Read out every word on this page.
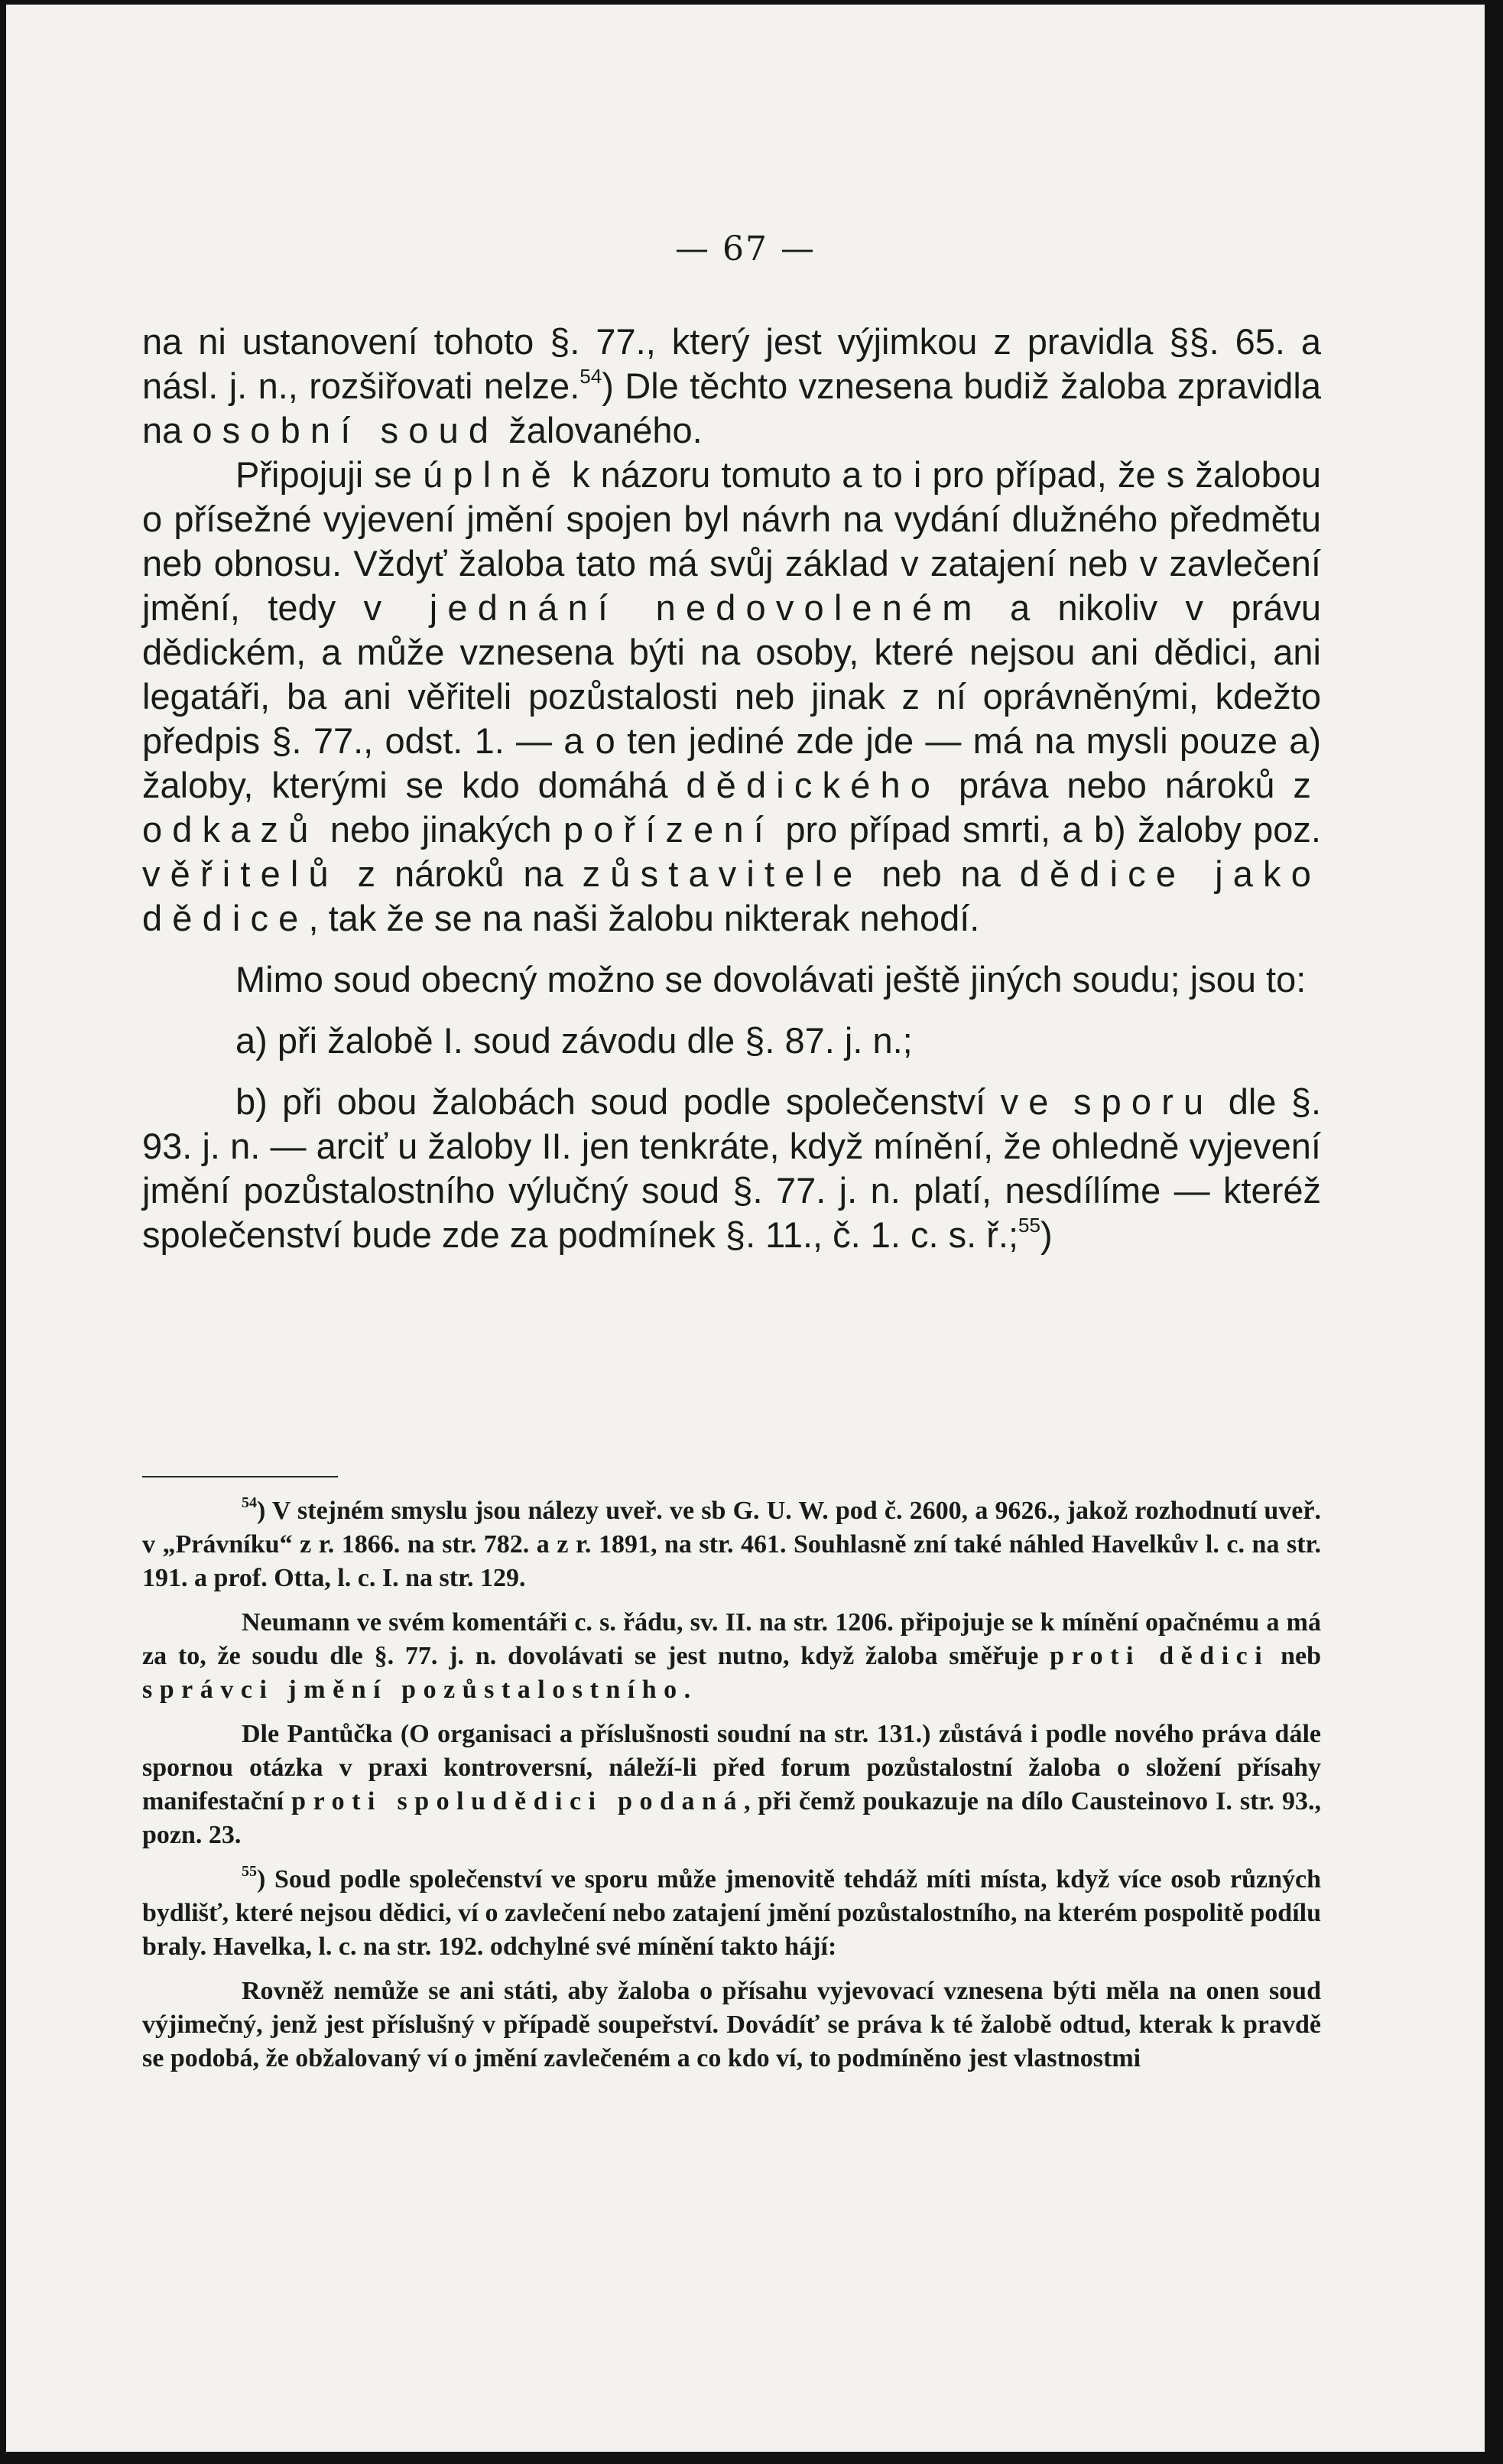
— 67 —

na ni ustanovení tohoto §. 77., který jest výjimkou z pravidla §§. 65. a násl. j. n., rozšiřovati nelze.$^{54}$) Dle těchto vznesena budiž žaloba zpravidla na osobní soud žalovaného.

Připojuji se úplně k názoru tomuto a to i pro případ, že s žalobou o přísežné vyjevení jmění spojen byl návrh na vydání dlužného předmětu neb obnosu. Vždyť žaloba tato má svůj základ v zatajení neb v zavlečení jmění, tedy v jednání nedovoleném a nikoliv v právu dědickém, a může vznesena býti na osoby, které nejsou ani dědici, ani legatáři, ba ani věřiteli pozůstalosti neb jinak z ní oprávněnými, kdežto předpis §. 77., odst. 1. — a o ten jediné zde jde — má na mysli pouze a) žaloby, kterými se kdo domáhá dědického práva nebo nároků z odkazů nebo jinakých pořízení pro případ smrti, a b) žaloby poz. věřitelů z nároků na zůstavitele neb na dědice jako dědice, tak že se na naši žalobu nikterak nehodí.

Mimo soud obecný možno se dovolávati ještě jiných soudu; jsou to:

a) při žalobě I. soud závodu dle §. 87. j. n.;

b) při obou žalobách soud podle společenství ve sporu dle §. 93. j. n. — arciť u žaloby II. jen tenkráte, když mínění, že ohledně vyjevení jmění pozůstalostního výlučný soud §. 77. j. n. platí, nesdílíme — kteréž společenství bude zde za podmínek §. 11., č. 1. c. s. ř.;$^{55}$)

$^{54}$) V stejném smyslu jsou nálezy uveř. ve sb G. U. W. pod č. 2600, a 9626., jakož rozhodnutí uveř. v „Právníku“ z r. 1866. na str. 782. a z r. 1891, na str. 461. Souhlasně zní také náhled Havelkův l. c. na str. 191. a prof. Otta, l. c. I. na str. 129.

Neumann ve svém komentáři c. s. řádu, sv. II. na str. 1206. připojuje se k mínění opačnému a má za to, že soudu dle §. 77. j. n. dovolávati se jest nutno, když žaloba směřuje proti dědici neb správci jmění pozůstalostního.

Dle Pantůčka (O organisaci a příslušnosti soudní na str. 131.) zůstává i podle nového práva dále spornou otázka v praxi kontroversní, náleží-li před forum pozůstalostní žaloba o složení přísahy manifestační proti spoludědici podaná, při čemž poukazuje na dílo Causteinovo I. str. 93., pozn. 23.

$^{55}$) Soud podle společenství ve sporu může jmenovitě tehdáž míti místa, když více osob různých bydlišť, které nejsou dědici, ví o zavlečení nebo zatajení jmění pozůstalostního, na kterém pospolitě podílu braly. Havelka, l. c. na str. 192. odchylné své mínění takto hájí:

Rovněž nemůže se ani státi, aby žaloba o přísahu vyjevovací vznesena býti měla na onen soud výjimečný, jenž jest příslušný v případě soupeřství. Dovádíť se práva k té žalobě odtud, kterak k pravdě se podobá, že obžalovaný ví o jmění zavlečeném a co kdo ví, to podmíněno jest vlastnostmi
